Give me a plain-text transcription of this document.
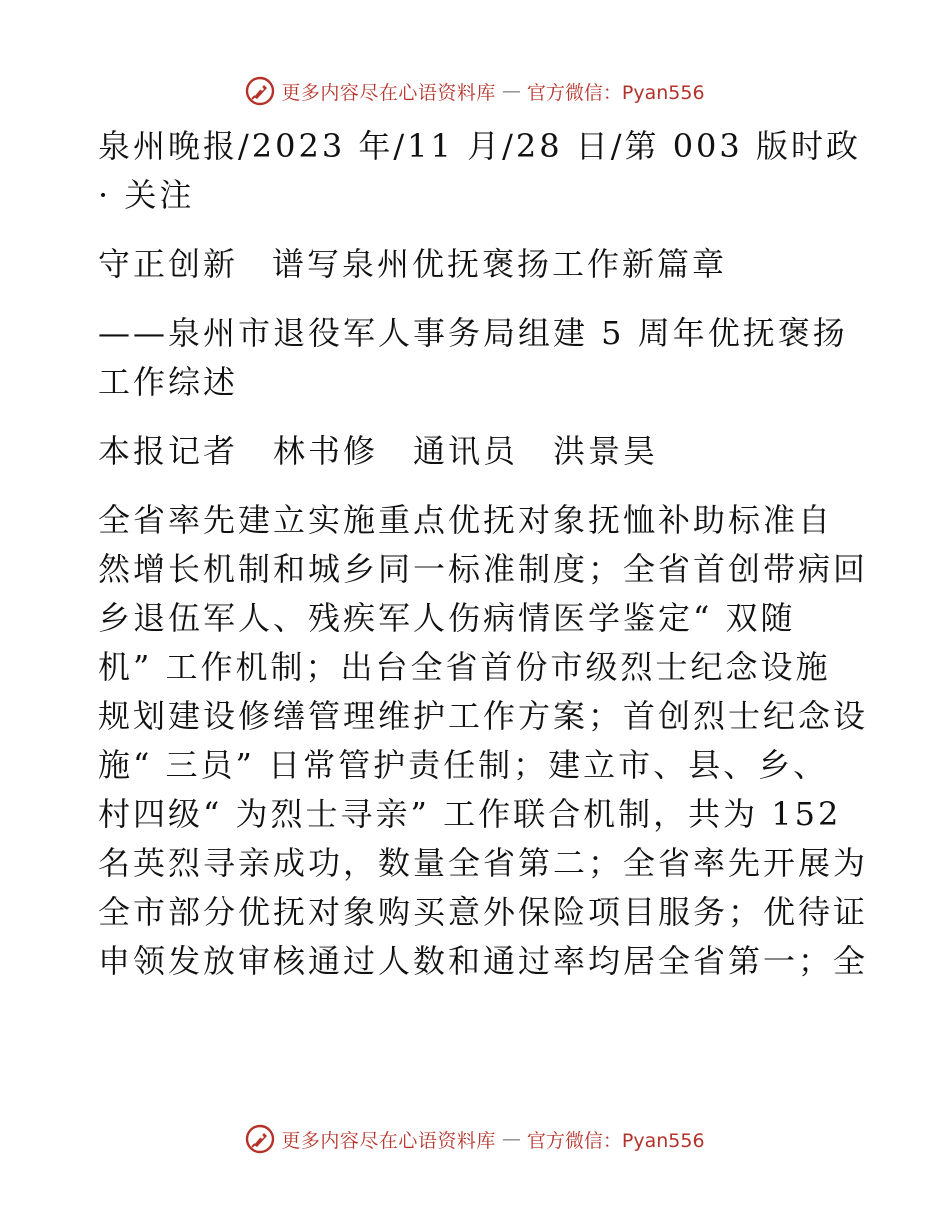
更多内容尽在心语资料库 — 官方微信：Pyan556

泉州晚报/2023 年/11 月/28 日/第 003 版时政

· 关注

守正创新 谱写泉州优抚褒扬工作新篇章

——泉州市退役军人事务局组建 5 周年优抚褒扬

工作综述

本报记者　林书修　通讯员　洪景昊

全省率先建立实施重点优抚对象抚恤补助标准自

然增长机制和城乡同一标准制度；全省首创带病回

乡退伍军人、残疾军人伤病情医学鉴定“ 双随

机” 工作机制；出台全省首份市级烈士纪念设施

规划建设修缮管理维护工作方案；首创烈士纪念设

施“ 三员” 日常管护责任制；建立市、县、乡、

村四级“ 为烈士寻亲” 工作联合机制，共为 152

名英烈寻亲成功，数量全省第二；全省率先开展为

全市部分优抚对象购买意外保险项目服务；优待证

申领发放审核通过人数和通过率均居全省第一；全

更多内容尽在心语资料库 — 官方微信：Pyan556
